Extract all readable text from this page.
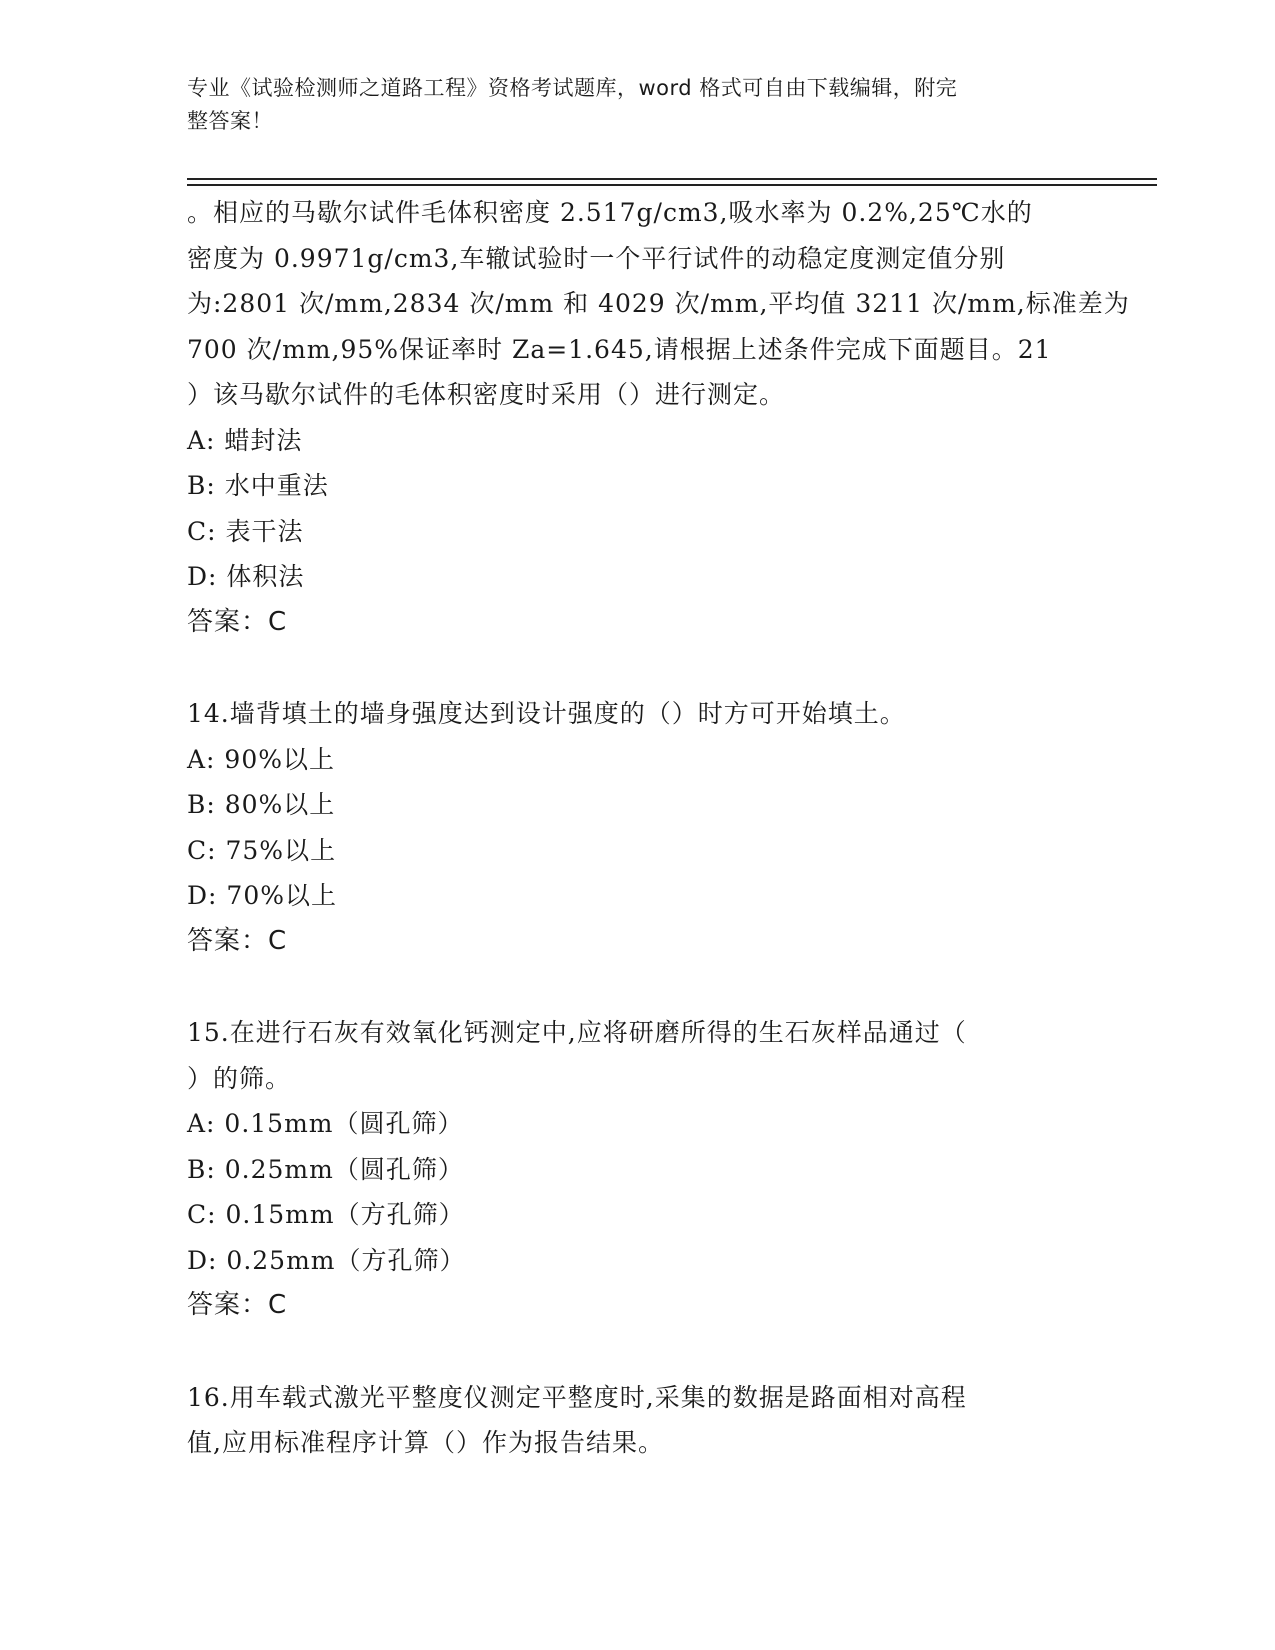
专业《试验检测师之道路工程》资格考试题库，word 格式可自由下载编辑，附完
整答案！

。相应的马歇尔试件毛体积密度 2.517g/cm3,吸水率为 0.2%,25℃水的

密度为 0.9971g/cm3,车辙试验时一个平行试件的动稳定度测定值分别

为:2801 次/mm,2834 次/mm 和 4029 次/mm,平均值 3211 次/mm,标准差为

700 次/mm,95%保证率时 Za=1.645,请根据上述条件完成下面题目。21

）该马歇尔试件的毛体积密度时采用（）进行测定。

A: 蜡封法

B: 水中重法

C: 表干法

D: 体积法

答案：C

14.墙背填土的墙身强度达到设计强度的（）时方可开始填土。

A: 90%以上

B: 80%以上

C: 75%以上

D: 70%以上

答案：C

15.在进行石灰有效氧化钙测定中,应将研磨所得的生石灰样品通过（

）的筛。

A: 0.15mm（圆孔筛）

B: 0.25mm（圆孔筛）

C: 0.15mm（方孔筛）

D: 0.25mm（方孔筛）

答案：C

16.用车载式激光平整度仪测定平整度时,采集的数据是路面相对高程

值,应用标准程序计算（）作为报告结果。
